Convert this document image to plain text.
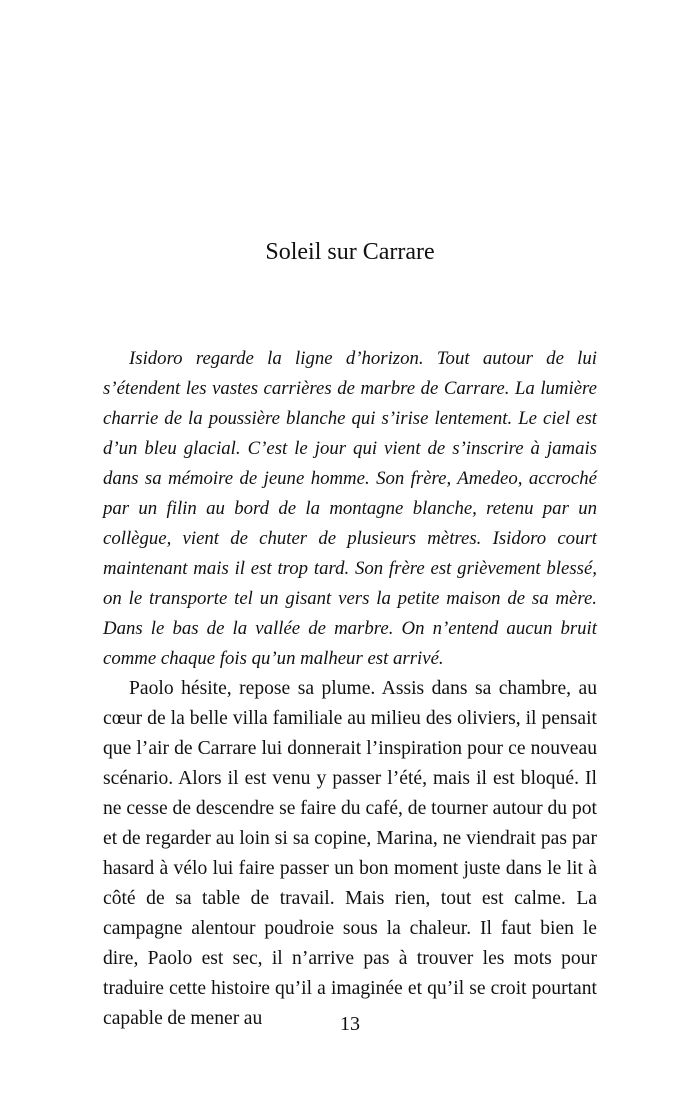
Soleil sur Carrare

Isidoro regarde la ligne d’horizon. Tout autour de lui s’étendent les vastes carrières de marbre de Carrare. La lumière charrie de la poussière blanche qui s’irise lentement. Le ciel est d’un bleu glacial. C’est le jour qui vient de s’inscrire à jamais dans sa mémoire de jeune homme. Son frère, Amedeo, accroché par un filin au bord de la montagne blanche, retenu par un collègue, vient de chuter de plusieurs mètres. Isidoro court maintenant mais il est trop tard. Son frère est grièvement blessé, on le transporte tel un gisant vers la petite maison de sa mère. Dans le bas de la vallée de marbre. On n’entend aucun bruit comme chaque fois qu’un malheur est arrivé.

Paolo hésite, repose sa plume. Assis dans sa chambre, au cœur de la belle villa familiale au milieu des oliviers, il pensait que l’air de Carrare lui donnerait l’inspiration pour ce nouveau scénario. Alors il est venu y passer l’été, mais il est bloqué. Il ne cesse de descendre se faire du café, de tourner autour du pot et de regarder au loin si sa copine, Marina, ne viendrait pas par hasard à vélo lui faire passer un bon moment juste dans le lit à côté de sa table de travail. Mais rien, tout est calme. La campagne alentour poudroie sous la chaleur. Il faut bien le dire, Paolo est sec, il n’arrive pas à trouver les mots pour traduire cette histoire qu’il a imaginée et qu’il se croit pourtant capable de mener au	13
